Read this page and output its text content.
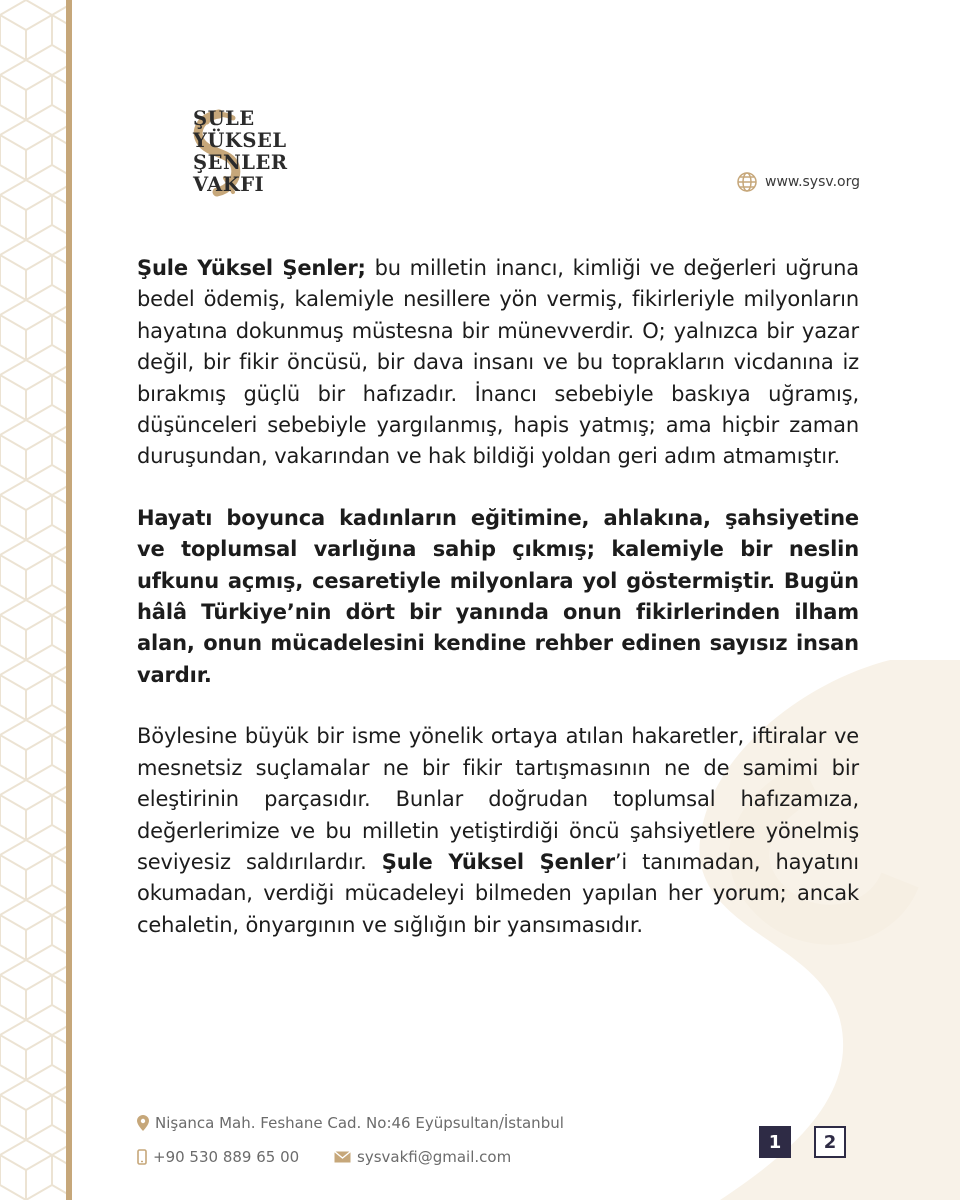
ŞULE
YÜKSEL
ŞENLER
VAKFI	www.sysv.org

Şule Yüksel Şenler; bu milletin inancı, kimliği ve değerleri uğruna bedel ödemiş, kalemiyle nesillere yön vermiş, fikirleriyle milyonların hayatına dokunmuş müstesna bir münevverdir. O; yalnızca bir yazar değil, bir fikir öncüsü, bir dava insanı ve bu toprakların vicdanına iz bırakmış güçlü bir hafızadır. İnancı sebebiyle baskıya uğramış, düşünceleri sebebiyle yargılanmış, hapis yatmış; ama hiçbir zaman duruşundan, vakarından ve hak bildiği yoldan geri adım atmamıştır.

Hayatı boyunca kadınların eğitimine, ahlakına, şahsiyetine ve toplumsal varlığına sahip çıkmış; kalemiyle bir neslin ufkunu açmış, cesaretiyle milyonlara yol göstermiştir. Bugün hâlâ Türkiye’nin dört bir yanında onun fikirlerinden ilham alan, onun mücadelesini kendine rehber edinen sayısız insan vardır.

Böylesine büyük bir isme yönelik ortaya atılan hakaretler, iftiralar ve mesnetsiz suçlamalar ne bir fikir tartışmasının ne de samimi bir eleştirinin parçasıdır. Bunlar doğrudan toplumsal hafızamıza, değerlerimize ve bu milletin yetiştirdiği öncü şahsiyetlere yönelmiş seviyesiz saldırılardır. Şule Yüksel Şenler’i tanımadan, hayatını okumadan, verdiği mücadeleyi bilmeden yapılan her yorum; ancak cehaletin, önyargının ve sığlığın bir yansımasıdır.

Nişanca Mah. Feshane Cad. No:46 Eyüpsultan/İstanbul
+90 530 889 65 00	sysvakfi@gmail.com
1	2
